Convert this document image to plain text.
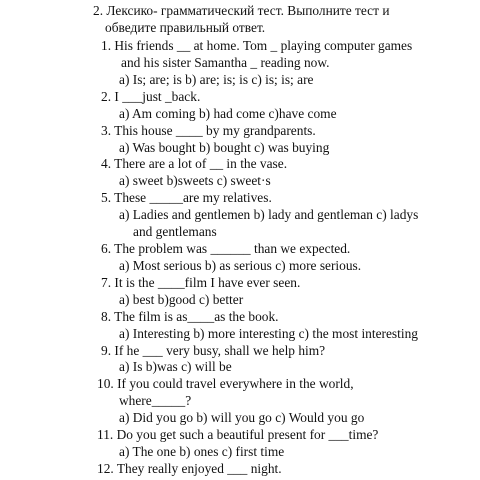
2. Лексико- грамматический тест. Выполните тест и

обведите правильный ответ.

1. His friends __ at home. Tom _ playing computer games

and his sister Samantha _ reading now.

a) Is; are; is b) are; is; is c) is; is; are

2. I ___just _back.

a) Am coming b) had come c)have come

3. This house ____ by my grandparents.

a) Was bought b) bought c) was buying

4. There are a lot of __ in the vase.

a) sweet b)sweets c) sweet·s

5. These _____are my relatives.

a) Ladies and gentlemen b) lady and gentleman c) ladys

and gentlemans

6. The problem was ______ than we expected.

a) Most serious b) as serious c) more serious.

7. It is the ____film I have ever seen.

a) best b)good c) better

8. The film is as____as the book.

a) Interesting b) more interesting c) the most interesting

9. If he ___ very busy, shall we help him?

a) Is b)was c) will be

10. If you could travel everywhere in the world,

where_____?

a) Did you go b) will you go c) Would you go

11. Do you get such a beautiful present for ___time?

a) The one b) ones c) first time

12. They really enjoyed ___ night.
